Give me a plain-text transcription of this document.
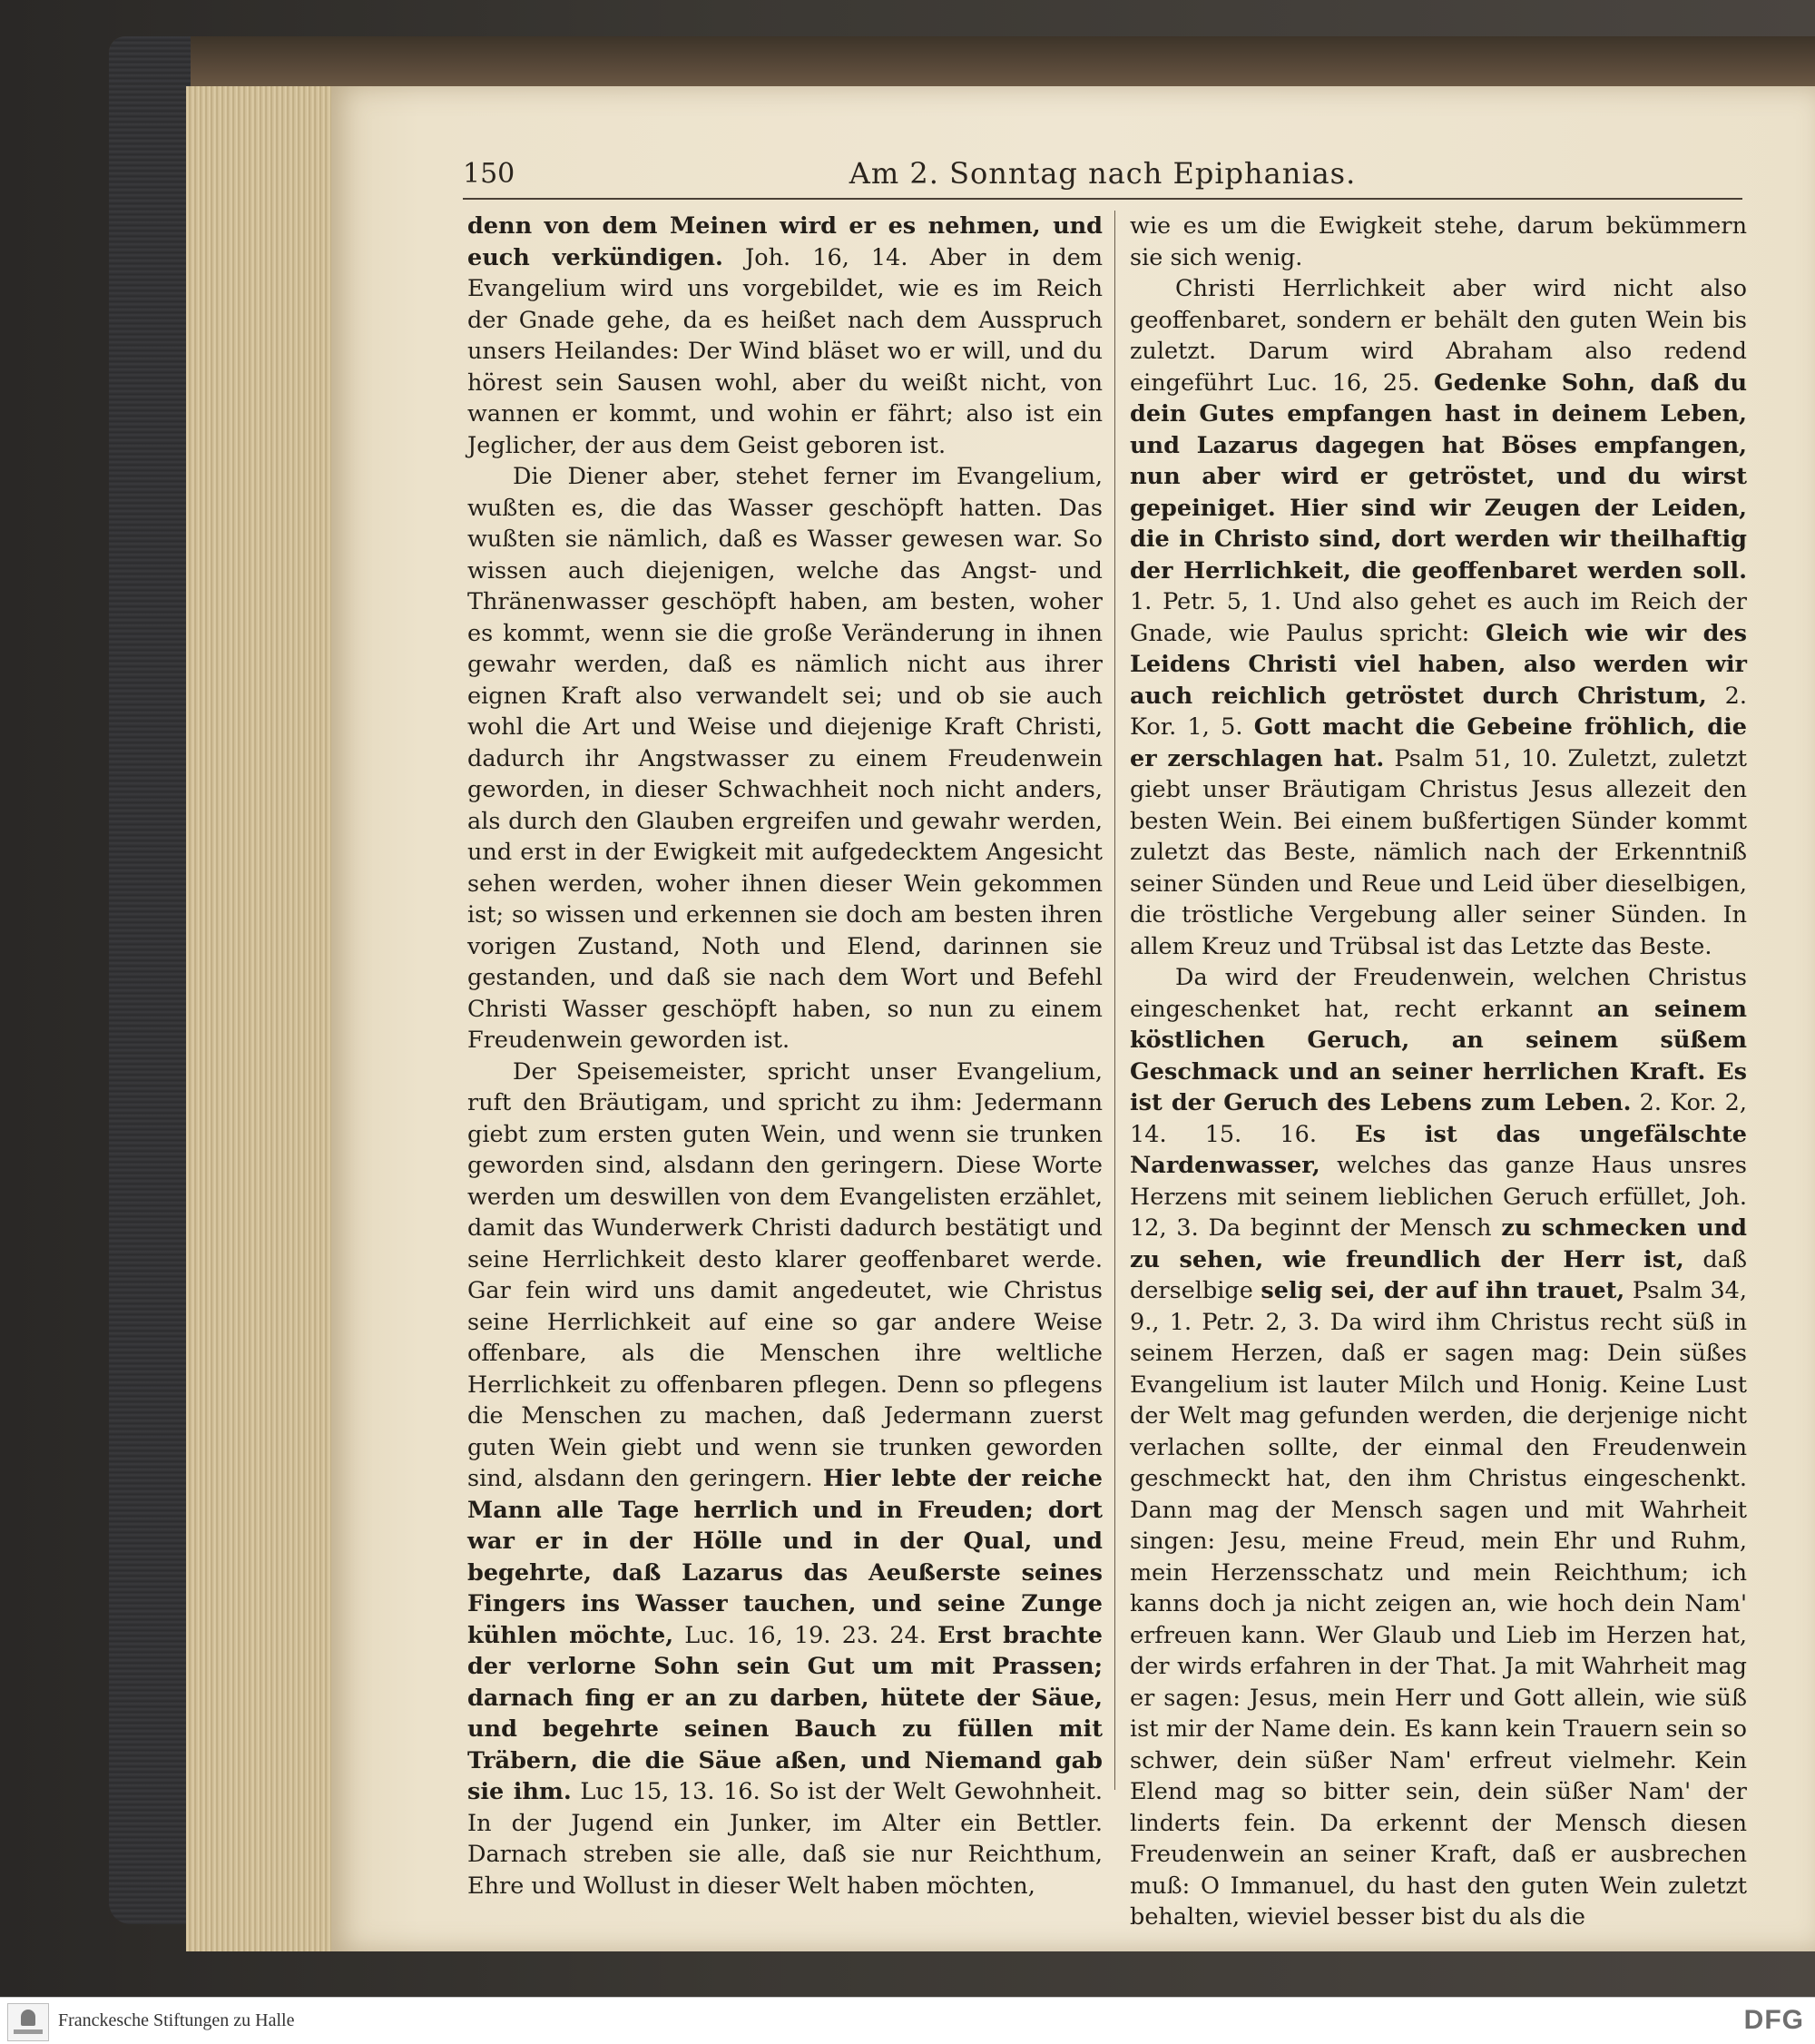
150	Am 2. Sonntag nach Epiphanias.

denn von dem Meinen wird er es nehmen, und euch verkündigen. Joh. 16, 14. Aber in dem Evangelium wird uns vorgebildet, wie es im Reich der Gnade gehe, da es heißet nach dem Ausspruch unsers Heilandes: Der Wind bläset wo er will, und du hörest sein Sausen wohl, aber du weißt nicht, von wannen er kommt, und wohin er fährt; also ist ein Jeglicher, der aus dem Geist geboren ist.

Die Diener aber, stehet ferner im Evangelium, wußten es, die das Wasser geschöpft hatten. Das wußten sie nämlich, daß es Wasser gewesen war. So wissen auch diejenigen, welche das Angst- und Thränenwasser geschöpft haben, am besten, woher es kommt, wenn sie die große Veränderung in ihnen gewahr werden, daß es nämlich nicht aus ihrer eignen Kraft also verwandelt sei; und ob sie auch wohl die Art und Weise und diejenige Kraft Christi, dadurch ihr Angstwasser zu einem Freudenwein geworden, in dieser Schwachheit noch nicht anders, als durch den Glauben ergreifen und gewahr werden, und erst in der Ewigkeit mit aufgedecktem Angesicht sehen werden, woher ihnen dieser Wein gekommen ist; so wissen und erkennen sie doch am besten ihren vorigen Zustand, Noth und Elend, darinnen sie gestanden, und daß sie nach dem Wort und Befehl Christi Wasser geschöpft haben, so nun zu einem Freudenwein geworden ist.

Der Speisemeister, spricht unser Evangelium, ruft den Bräutigam, und spricht zu ihm: Jedermann giebt zum ersten guten Wein, und wenn sie trunken geworden sind, alsdann den geringern. Diese Worte werden um deswillen von dem Evangelisten erzählet, damit das Wunderwerk Christi dadurch bestätigt und seine Herrlichkeit desto klarer geoffenbaret werde. Gar fein wird uns damit angedeutet, wie Christus seine Herrlichkeit auf eine so gar andere Weise offenbare, als die Menschen ihre weltliche Herrlichkeit zu offenbaren pflegen. Denn so pflegens die Menschen zu machen, daß Jedermann zuerst guten Wein giebt und wenn sie trunken geworden sind, alsdann den geringern. Hier lebte der reiche Mann alle Tage herrlich und in Freuden; dort war er in der Hölle und in der Qual, und begehrte, daß Lazarus das Aeußerste seines Fingers ins Wasser tauchen, und seine Zunge kühlen möchte, Luc. 16, 19. 23. 24. Erst brachte der verlorne Sohn sein Gut um mit Prassen; darnach fing er an zu darben, hütete der Säue, und begehrte seinen Bauch zu füllen mit Träbern, die die Säue aßen, und Niemand gab sie ihm. Luc 15, 13. 16. So ist der Welt Gewohnheit. In der Jugend ein Junker, im Alter ein Bettler. Darnach streben sie alle, daß sie nur Reichthum, Ehre und Wollust in dieser Welt haben möchten,

wie es um die Ewigkeit stehe, darum bekümmern sie sich wenig.

Christi Herrlichkeit aber wird nicht also geoffenbaret, sondern er behält den guten Wein bis zuletzt. Darum wird Abraham also redend eingeführt Luc. 16, 25. Gedenke Sohn, daß du dein Gutes empfangen hast in deinem Leben, und Lazarus dagegen hat Böses empfangen, nun aber wird er getröstet, und du wirst gepeiniget. Hier sind wir Zeugen der Leiden, die in Christo sind, dort werden wir theilhaftig der Herrlichkeit, die geoffenbaret werden soll. 1. Petr. 5, 1. Und also gehet es auch im Reich der Gnade, wie Paulus spricht: Gleich wie wir des Leidens Christi viel haben, also werden wir auch reichlich getröstet durch Christum, 2. Kor. 1, 5. Gott macht die Gebeine fröhlich, die er zerschlagen hat. Psalm 51, 10. Zuletzt, zuletzt giebt unser Bräutigam Christus Jesus allezeit den besten Wein. Bei einem bußfertigen Sünder kommt zuletzt das Beste, nämlich nach der Erkenntniß seiner Sünden und Reue und Leid über dieselbigen, die tröstliche Vergebung aller seiner Sünden. In allem Kreuz und Trübsal ist das Letzte das Beste.

Da wird der Freudenwein, welchen Christus eingeschenket hat, recht erkannt an seinem köstlichen Geruch, an seinem süßem Geschmack und an seiner herrlichen Kraft. Es ist der Geruch des Lebens zum Leben. 2. Kor. 2, 14. 15. 16. Es ist das ungefälschte Nardenwasser, welches das ganze Haus unsres Herzens mit seinem lieblichen Geruch erfüllet, Joh. 12, 3. Da beginnt der Mensch zu schmecken und zu sehen, wie freundlich der Herr ist, daß derselbige selig sei, der auf ihn trauet, Psalm 34, 9., 1. Petr. 2, 3. Da wird ihm Christus recht süß in seinem Herzen, daß er sagen mag: Dein süßes Evangelium ist lauter Milch und Honig. Keine Lust der Welt mag gefunden werden, die derjenige nicht verlachen sollte, der einmal den Freudenwein geschmeckt hat, den ihm Christus eingeschenkt. Dann mag der Mensch sagen und mit Wahrheit singen: Jesu, meine Freud, mein Ehr und Ruhm, mein Herzensschatz und mein Reichthum; ich kanns doch ja nicht zeigen an, wie hoch dein Nam' erfreuen kann. Wer Glaub und Lieb im Herzen hat, der wirds erfahren in der That. Ja mit Wahrheit mag er sagen: Jesus, mein Herr und Gott allein, wie süß ist mir der Name dein. Es kann kein Trauern sein so schwer, dein süßer Nam' erfreut vielmehr. Kein Elend mag so bitter sein, dein süßer Nam' der linderts fein. Da erkennt der Mensch diesen Freudenwein an seiner Kraft, daß er ausbrechen muß: O Immanuel, du hast den guten Wein zuletzt behalten, wieviel besser bist du als die

Franckesche Stiftungen zu Halle	DFG
